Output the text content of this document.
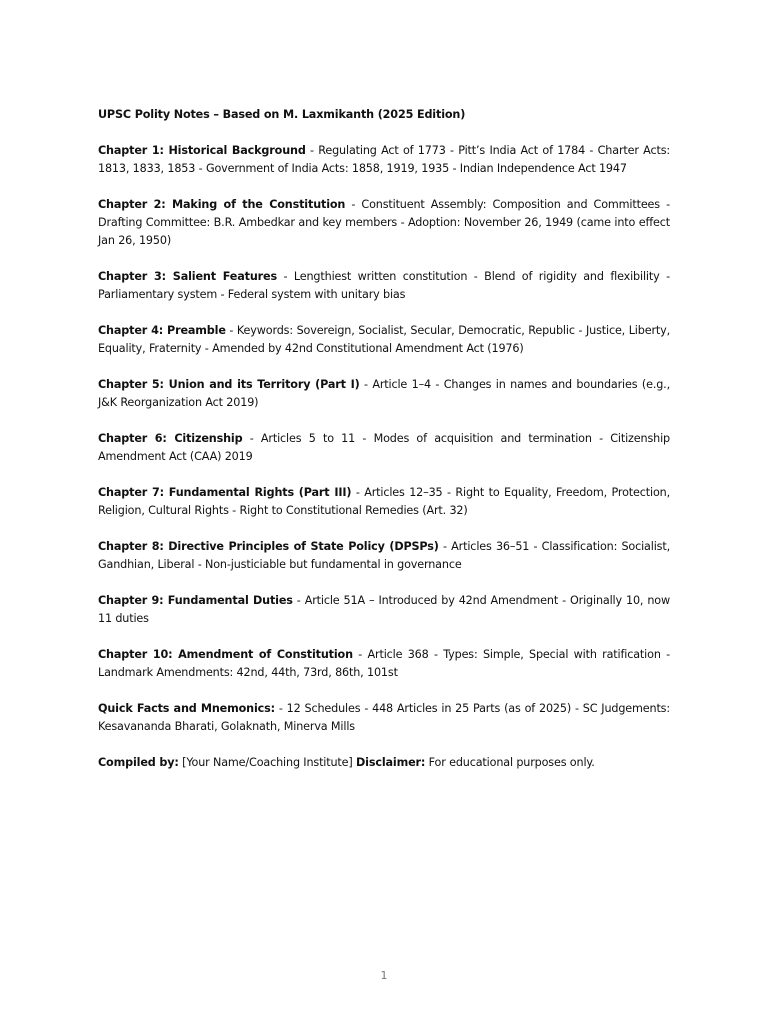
UPSC Polity Notes – Based on M. Laxmikanth (2025 Edition)

Chapter 1: Historical Background - Regulating Act of 1773 - Pitt’s India Act of 1784 - Charter Acts: 1813, 1833, 1853 - Government of India Acts: 1858, 1919, 1935 - Indian Independence Act 1947

Chapter 2: Making of the Constitution - Constituent Assembly: Composition and Committees - Drafting Committee: B.R. Ambedkar and key members - Adoption: November 26, 1949 (came into effect Jan 26, 1950)

Chapter 3: Salient Features - Lengthiest written constitution - Blend of rigidity and flexibility - Parliamentary system - Federal system with unitary bias

Chapter 4: Preamble - Keywords: Sovereign, Socialist, Secular, Democratic, Republic - Justice, Liberty, Equality, Fraternity - Amended by 42nd Constitutional Amendment Act (1976)

Chapter 5: Union and its Territory (Part I) - Article 1–4 - Changes in names and boundaries (e.g., J&K Reorganization Act 2019)

Chapter 6: Citizenship - Articles 5 to 11 - Modes of acquisition and termination - Citizenship Amendment Act (CAA) 2019

Chapter 7: Fundamental Rights (Part III) - Articles 12–35 - Right to Equality, Freedom, Protection, Religion, Cultural Rights - Right to Constitutional Remedies (Art. 32)

Chapter 8: Directive Principles of State Policy (DPSPs) - Articles 36–51 - Classification: Socialist, Gandhian, Liberal - Non-justiciable but fundamental in governance

Chapter 9: Fundamental Duties - Article 51A – Introduced by 42nd Amendment - Originally 10, now 11 duties

Chapter 10: Amendment of Constitution - Article 368 - Types: Simple, Special with ratification - Landmark Amendments: 42nd, 44th, 73rd, 86th, 101st

Quick Facts and Mnemonics: - 12 Schedules - 448 Articles in 25 Parts (as of 2025) - SC Judgements: Kesavananda Bharati, Golaknath, Minerva Mills

Compiled by: [Your Name/Coaching Institute] Disclaimer: For educational purposes only.

1
